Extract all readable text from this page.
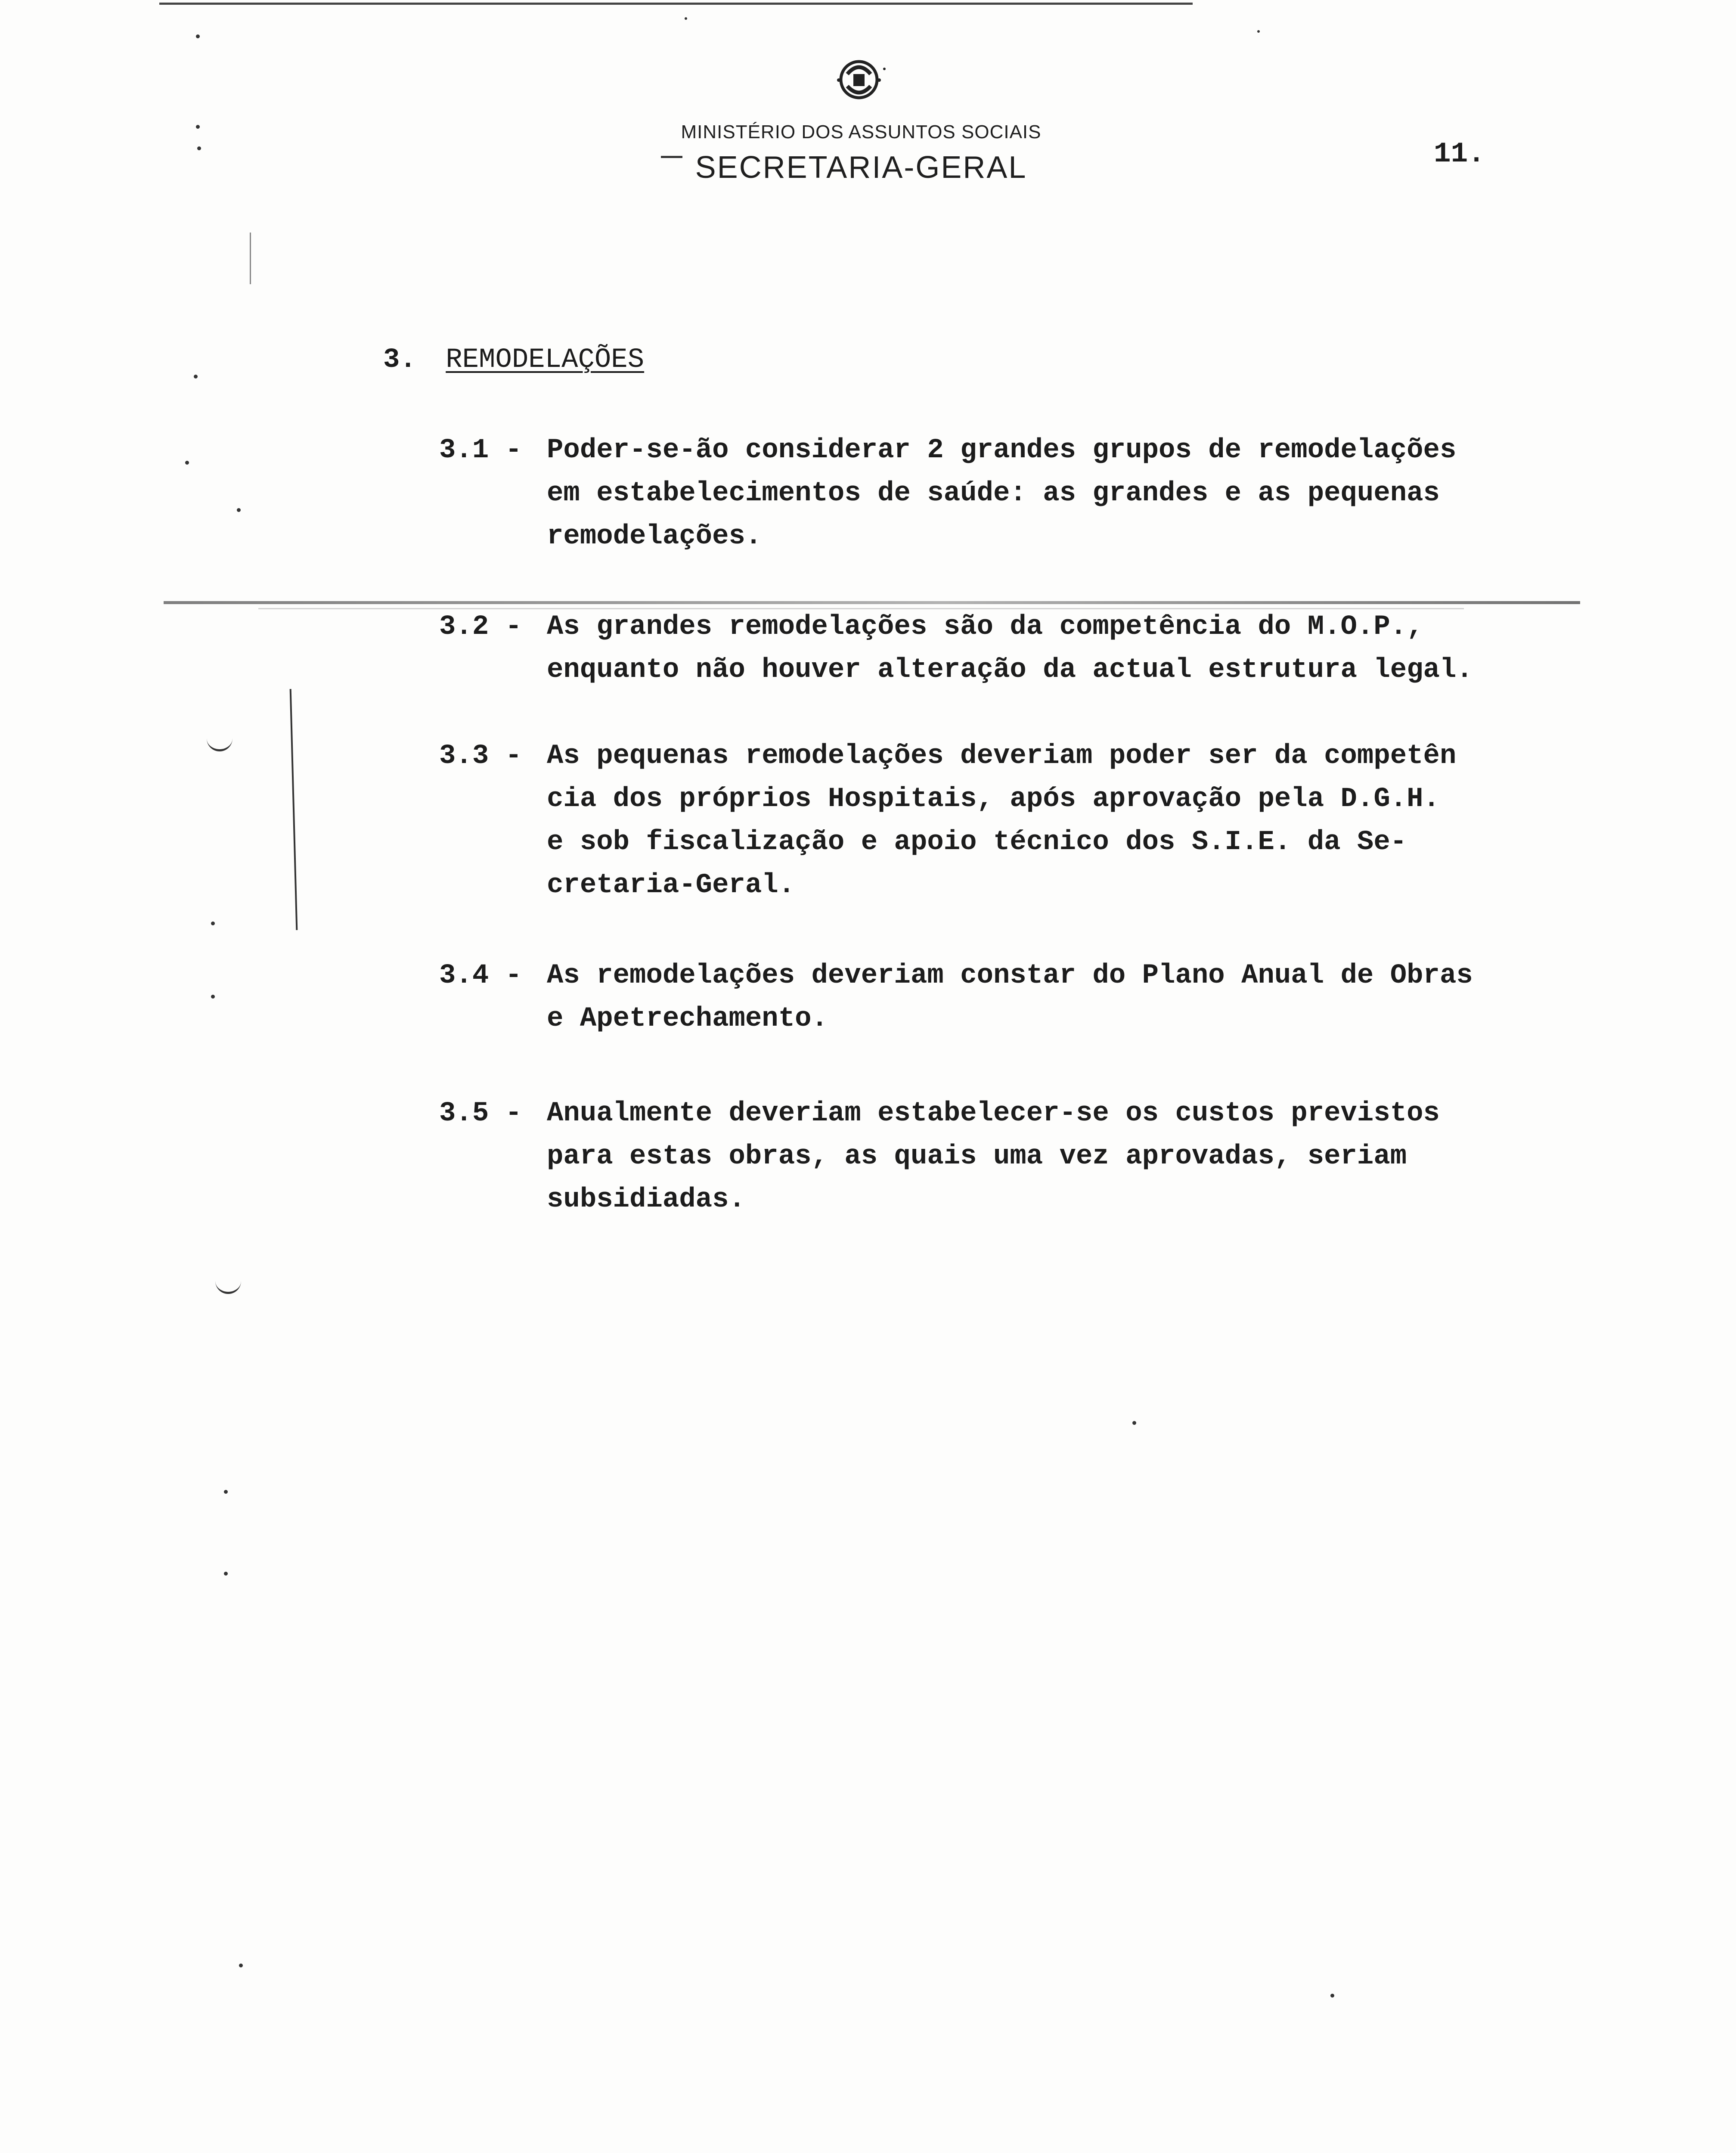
MINISTÉRIO DOS ASSUNTOS SOCIAIS
SECRETARIA-GERAL	11.
3. REMODELAÇÕES
3.1 - Poder-se-ão considerar 2 grandes grupos de remodelações
em estabelecimentos de saúde: as grandes e as pequenas
remodelações.
3.2 - As grandes remodelações são da competência do M.O.P.,
enquanto não houver alteração da actual estrutura legal.
3.3 - As pequenas remodelações deveriam poder ser da competên
cia dos próprios Hospitais, após aprovação pela D.G.H.
e sob fiscalização e apoio técnico dos S.I.E. da Se-
cretaria-Geral.
3.4 - As remodelações deveriam constar do Plano Anual de Obras
e Apetrechamento.
3.5 - Anualmente deveriam estabelecer-se os custos previstos
para estas obras, as quais uma vez aprovadas, seriam
subsidiadas.
